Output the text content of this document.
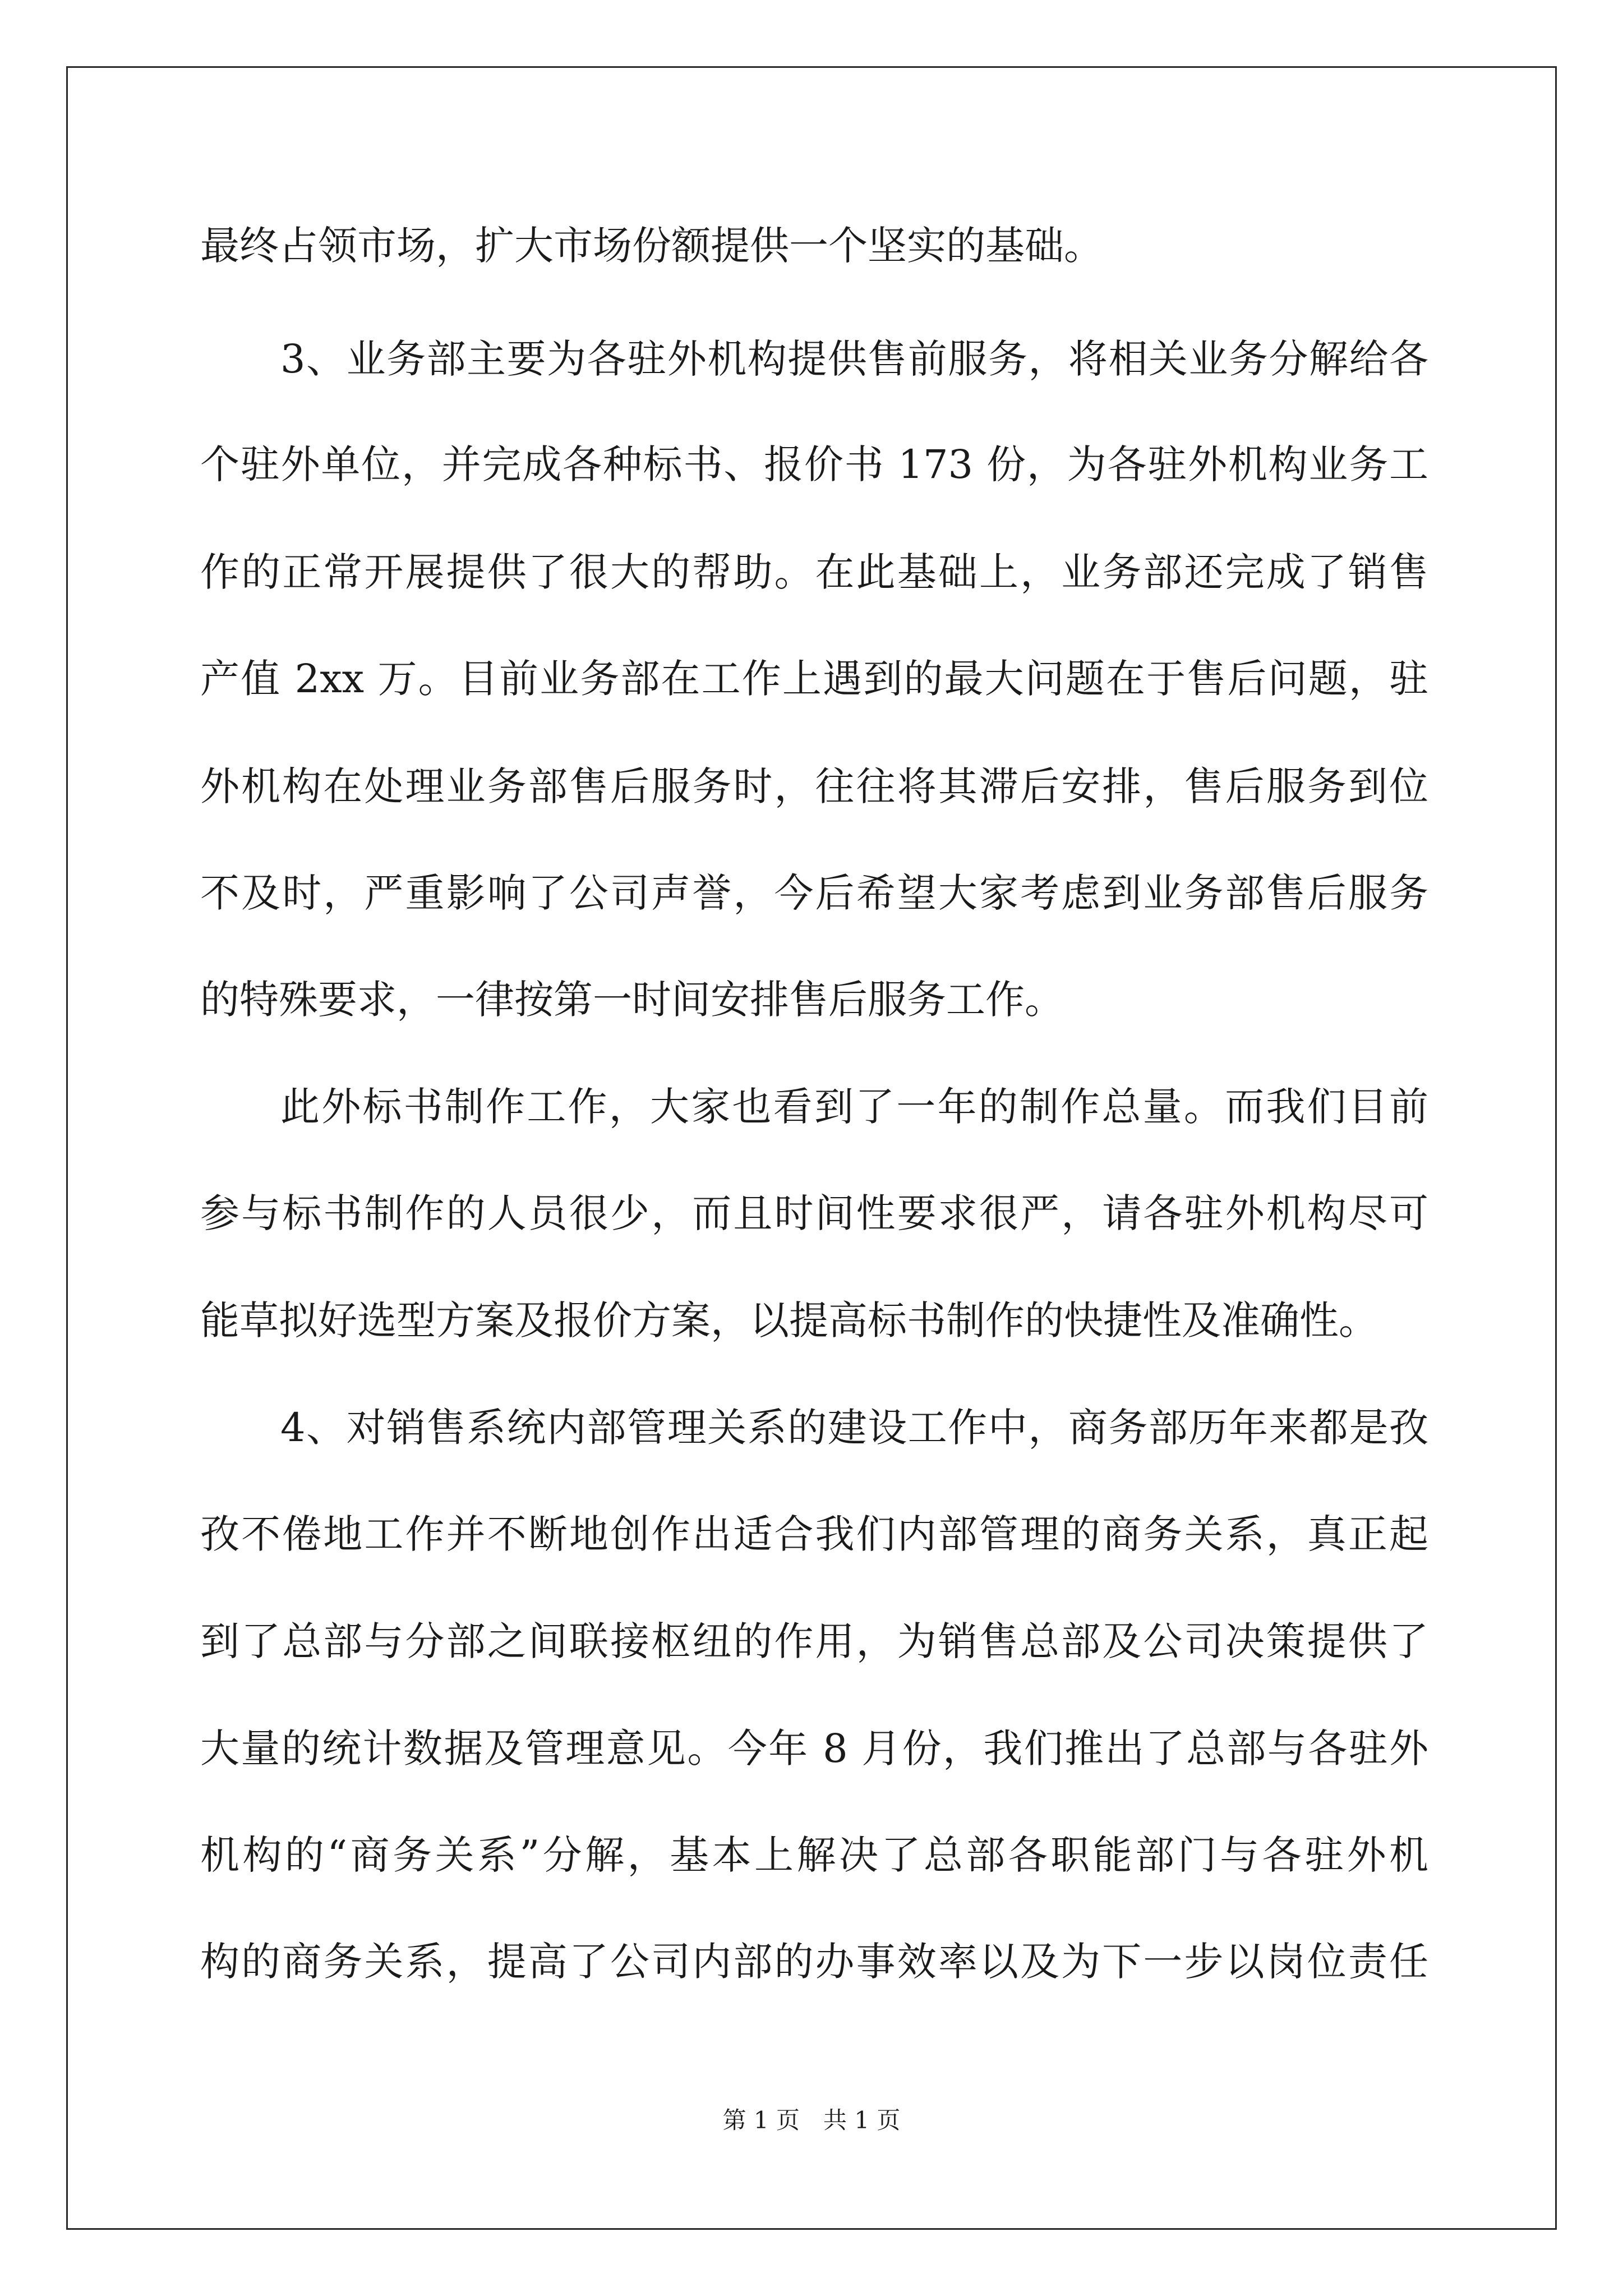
最终占领市场，扩大市场份额提供一个坚实的基础。
3、业务部主要为各驻外机构提供售前服务，将相关业务分解给各
个驻外单位，并完成各种标书、报价书 173 份，为各驻外机构业务工
作的正常开展提供了很大的帮助。在此基础上，业务部还完成了销售
产值 2xx 万。目前业务部在工作上遇到的最大问题在于售后问题，驻
外机构在处理业务部售后服务时，往往将其滞后安排，售后服务到位
不及时，严重影响了公司声誉，今后希望大家考虑到业务部售后服务
的特殊要求，一律按第一时间安排售后服务工作。
此外标书制作工作，大家也看到了一年的制作总量。而我们目前
参与标书制作的人员很少，而且时间性要求很严，请各驻外机构尽可
能草拟好选型方案及报价方案，以提高标书制作的快捷性及准确性。
4、对销售系统内部管理关系的建设工作中，商务部历年来都是孜
孜不倦地工作并不断地创作出适合我们内部管理的商务关系，真正起
到了总部与分部之间联接枢纽的作用，为销售总部及公司决策提供了
大量的统计数据及管理意见。今年 8 月份，我们推出了总部与各驻外
机构的“商务关系”分解，基本上解决了总部各职能部门与各驻外机
构的商务关系，提高了公司内部的办事效率以及为下一步以岗位责任
第 1 页　共 1 页
